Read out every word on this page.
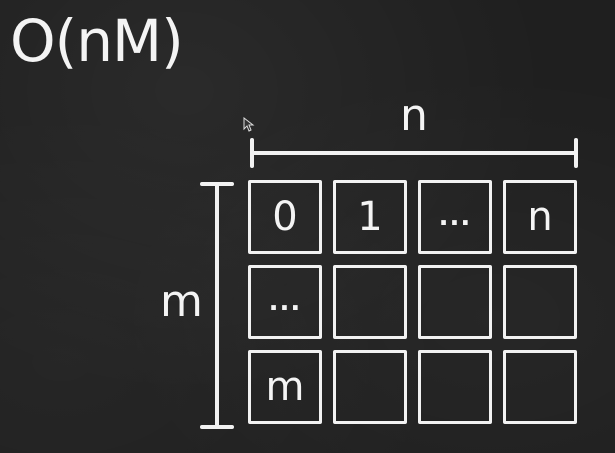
O(nM)
n
m
0	1	...	n
...
m
